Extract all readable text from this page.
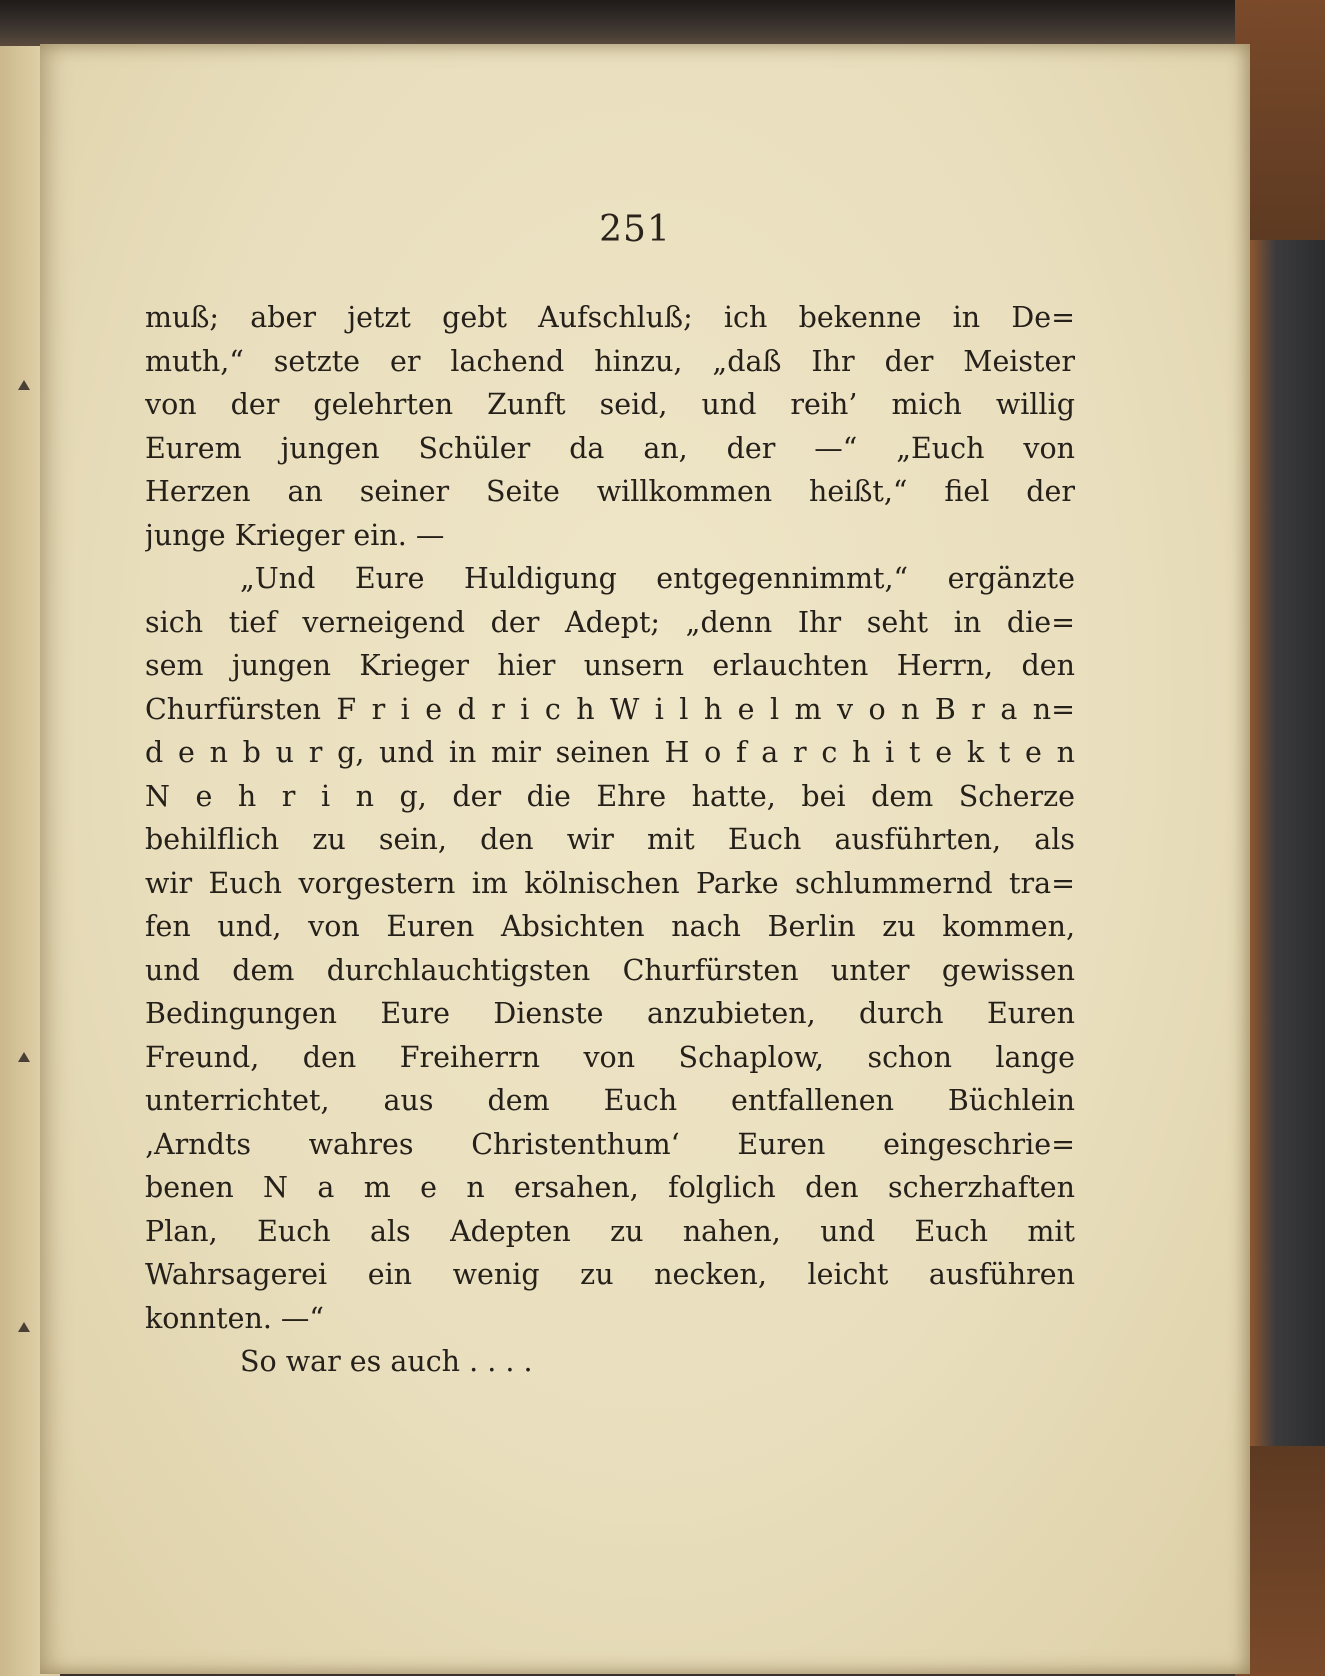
251
muß; aber jetzt gebt Aufschluß; ich bekenne in De=
muth,“ setzte er lachend hinzu, „daß Ihr der Meister
von der gelehrten Zunft seid, und reih’ mich willig
Eurem jungen Schüler da an, der —“ „Euch von
Herzen an seiner Seite willkommen heißt,“ fiel der
junge Krieger ein. —
„Und Eure Huldigung entgegennimmt,“ ergänzte
sich tief verneigend der Adept; „denn Ihr seht in die=
sem jungen Krieger hier unsern erlauchten Herrn, den
Churfürsten F r i e d r i c h W i l h e l m v o n B r a n=
d e n b u r g, und in mir seinen H o f a r c h i t e k t e n
N e h r i n g, der die Ehre hatte, bei dem Scherze
behilflich zu sein, den wir mit Euch ausführten, als
wir Euch vorgestern im kölnischen Parke schlummernd tra=
fen und, von Euren Absichten nach Berlin zu kommen,
und dem durchlauchtigsten Churfürsten unter gewissen
Bedingungen Eure Dienste anzubieten, durch Euren
Freund, den Freiherrn von Schaplow, schon lange
unterrichtet, aus dem Euch entfallenen Büchlein
‚Arndts wahres Christenthum‘ Euren eingeschrie=
benen N a m e n ersahen, folglich den scherzhaften
Plan, Euch als Adepten zu nahen, und Euch mit
Wahrsagerei ein wenig zu necken, leicht ausführen
konnten. —“
So war es auch . . . .
